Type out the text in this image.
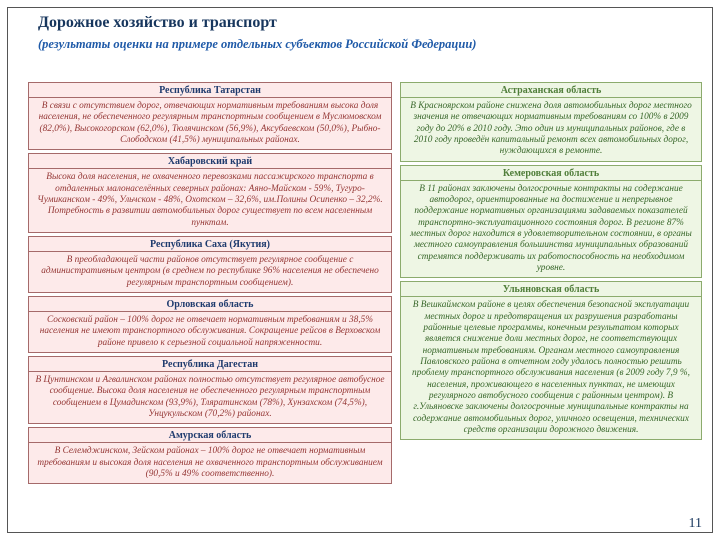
Дорожное хозяйство и транспорт
(результаты оценки на примере отдельных субъектов Российской Федерации)
Республика Татарстан
В связи с отсутствием дорог, отвечающих нормативным требованиям высока доля населения, не обеспеченного регулярным транспортным сообщением в Муслюмовском (82,0%), Высокогорском (62,0%), Тюлячинском (56,9%), Аксубаевском (50,0%), Рыбно-Слободском (41,5%) муниципальных районах.
Хабаровский край
Высока доля населения, не охваченного перевозками пассажирского транспорта в отдаленных малонаселённых северных районах: Аяно-Майском - 59%, Тугуро-Чумиканском - 49%, Ульчском - 48%, Охотском – 32,6%, им.Полины Осипенко – 32,2%. Потребность в развитии автомобильных дорог существует по всем населенным пунктам.
Республика Саха (Якутия)
В преобладающей части районов отсутствует регулярное сообщение с административным центром (в среднем по республике 96% населения не обеспечено регулярным транспортным сообщением).
Орловская область
Сосковский район – 100% дорог не отвечает нормативным требованиям и 38,5% населения не имеют транспортного обслуживания. Сокращение рейсов в Верховском районе привело к серьезной социальной напряженности.
Республика Дагестан
В Цунтинском и Агвалинском районах полностью отсутствует регулярное автобусное сообщение. Высока доля населения не обеспеченного регулярным транспортным сообщением в Цумадинском (93,9%), Тляратинском (78%), Хунзахском (74,5%), Унцукульском (70,2%) районах.
Амурская область
В Селемджинском, Зейском районах – 100% дорог не отвечает нормативным требованиям и высокая доля населения не охваченного транспортным обслуживанием (90,5% и 49% соответственно).
Астраханская область
В Красноярском районе снижена доля автомобильных дорог местного значения не отвечающих нормативным требованиям со 100% в 2009 году до 20% в 2010 году. Это один из муниципальных районов, где в 2010 году проведён капитальный ремонт всех автомобильных дорог, нуждающихся в ремонте.
Кемеровская область
В 11 районах заключены долгосрочные контракты на содержание автодорог, ориентированные на достижение и непрерывное поддержание нормативных организациями задаваемых показателей транспортно-эксплуатационного состояния дорог. В регионе 87% местных дорог находится в удовлетворительном состоянии, в органы местного самоуправления большинства муниципальных образований стремятся поддерживать их работоспособность на необходимом уровне.
Ульяновская область
В Вешкаймском районе в целях обеспечения безопасной эксплуатации местных дорог и предотвращения их разрушения разработаны районные целевые программы, конечным результатом которых является снижение доли местных дорог, не соответствующих нормативным требованиям. Органам местного самоуправления Павловского района в отчетном году удалось полностью решить проблему транспортного обслуживания населения (в 2009 году 7,9 %, населения, проживающего в населенных пунктах, не имеющих регулярного автобусного сообщения с районным центром). В г.Ульяновске заключены долгосрочные муниципальные контракты на содержание автомобильных дорог, уличного освещения, технических средств организации дорожного движения.
11
